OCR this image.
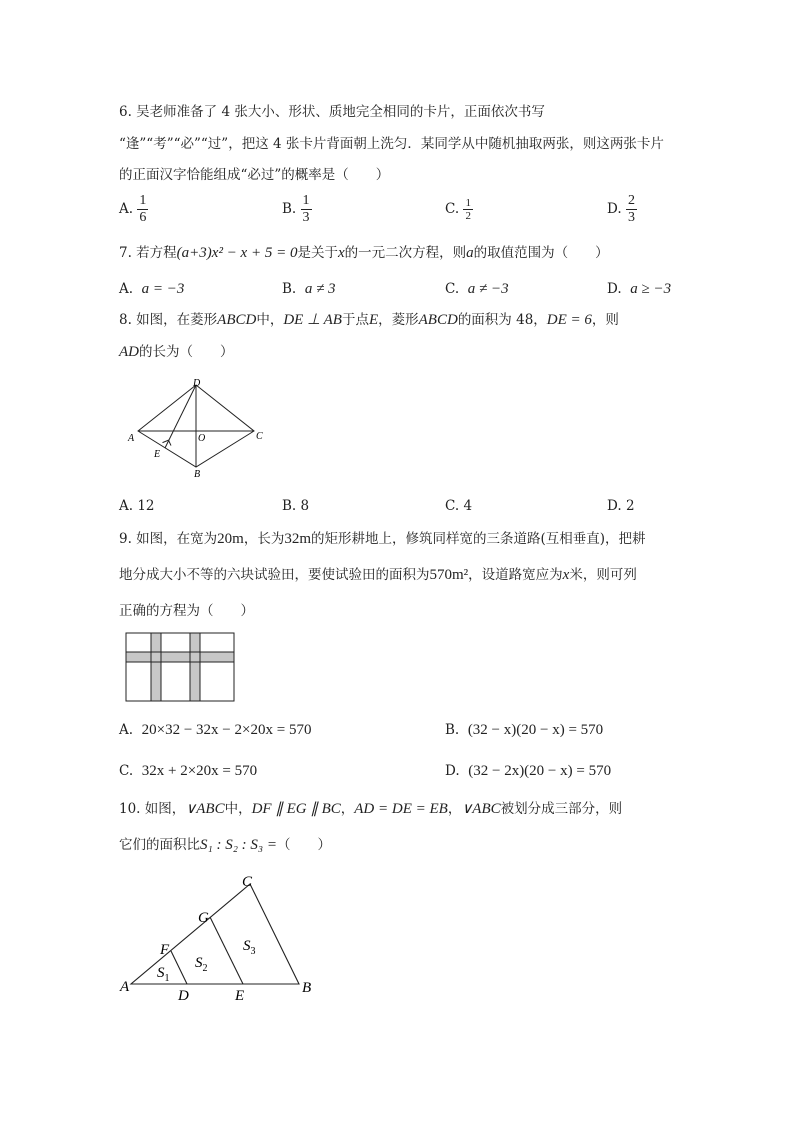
6. 吴老师准备了 4 张大小、形状、质地完全相同的卡片，正面依次书写
“逢”“考”“必”“过”，把这 4 张卡片背面朝上洗匀．某同学从中随机抽取两张，则这两张卡片
的正面汉字恰能组成“必过”的概率是（　　）
A. $\frac{1}{6}$	B. $\frac{1}{3}$	C. $\frac{1}{2}$	D. $\frac{2}{3}$
7. 若方程(a+3)x² − x + 5 = 0是关于x的一元二次方程，则a的取值范围为（　　）
A. a = −3	B. a ≠ 3	C. a ≠ −3	D. a ≥ −3
8. 如图，在菱形ABCD中，DE ⊥ AB于点E，菱形ABCD的面积为 48，DE = 6，则
AD的长为（　　）
D
A	O	C
E
B
A. 12	B. 8	C. 4	D. 2
9. 如图，在宽为20m，长为32m的矩形耕地上，修筑同样宽的三条道路(互相垂直)，把耕
地分成大小不等的六块试验田，要使试验田的面积为570m²，设道路宽应为x米，则可列
正确的方程为（　　）
A. 20×32 − 32x − 2×20x = 570	B. (32 − x)(20 − x) = 570
C. 32x + 2×20x = 570	D. (32 − 2x)(20 − x) = 570
10. 如图，∨ABC中，DF ∥ EG ∥ BC，AD = DE = EB，∨ABC被划分成三部分，则
它们的面积比S₁ : S₂ : S₃ =（　　）
A	B
C
D	E
F
G
$S_1$
$S_2$
$S_3$
